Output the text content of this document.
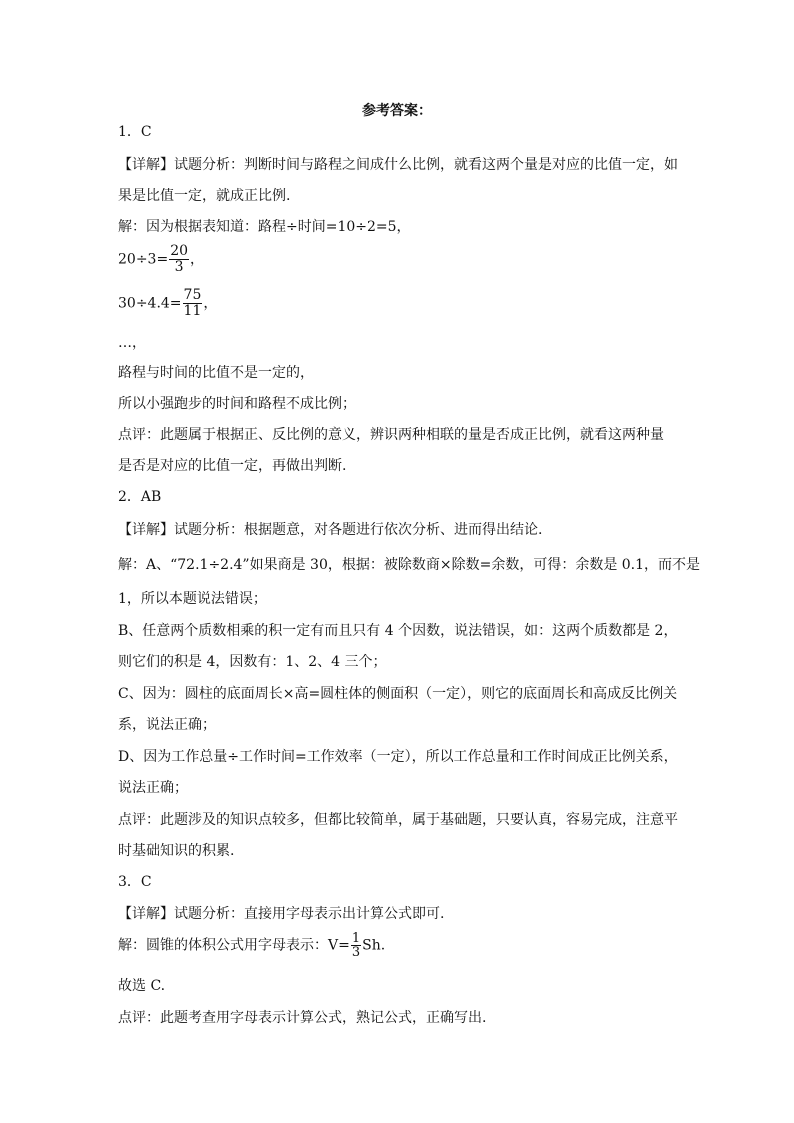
参考答案：
1．C
【详解】试题分析：判断时间与路程之间成什么比例，就看这两个量是对应的比值一定，如
果是比值一定，就成正比例.
解：因为根据表知道：路程÷时间=10÷2=5，
$20\div 3= \frac{20}{3}$ ，
$30\div 4.4= \frac{75}{11}$ ，
…，
路程与时间的比值不是一定的，
所以小强跑步的时间和路程不成比例；
点评：此题属于根据正、反比例的意义，辨识两种相联的量是否成正比例，就看这两种量
是否是对应的比值一定，再做出判断.
2．AB
【详解】试题分析：根据题意，对各题进行依次分析、进而得出结论.
解：A、“72.1÷2.4”如果商是 30，根据：被除数商×除数=余数，可得：余数是 0.1，而不是
1，所以本题说法错误；
B、任意两个质数相乘的积一定有而且只有 4 个因数，说法错误，如：这两个质数都是 2，
则它们的积是 4，因数有：1、2、4 三个；
C、因为：圆柱的底面周长×高=圆柱体的侧面积（一定），则它的底面周长和高成反比例关
系，说法正确；
D、因为工作总量÷工作时间=工作效率（一定），所以工作总量和工作时间成正比例关系，
说法正确；
点评：此题涉及的知识点较多，但都比较简单，属于基础题，只要认真，容易完成，注意平
时基础知识的积累.
3．C
【详解】试题分析：直接用字母表示出计算公式即可.
解：圆锥的体积公式用字母表示：$V= \frac{1}{3} Sh$.
故选 C.
点评：此题考查用字母表示计算公式，熟记公式，正确写出.
